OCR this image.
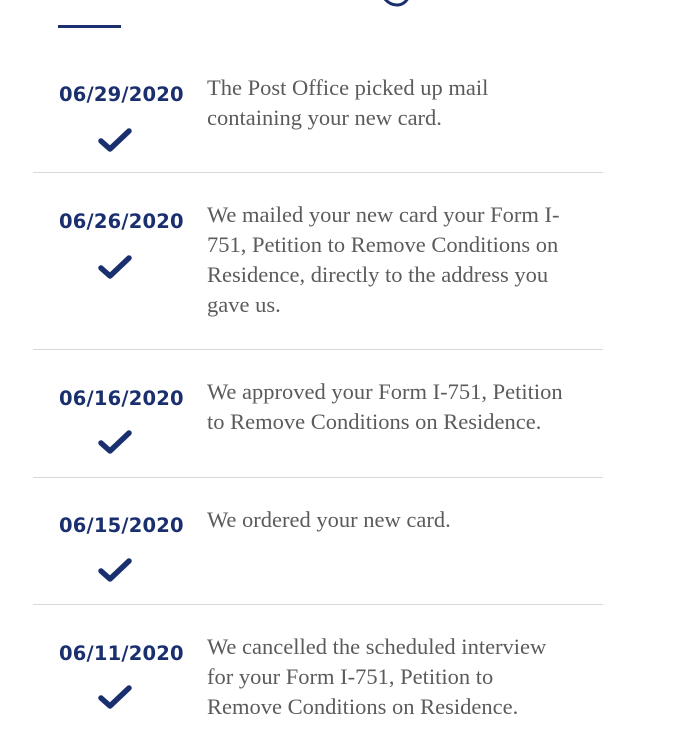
06/29/2020 The Post Office picked up mail
containing your new card.
06/26/2020 We mailed your new card your Form I-
751, Petition to Remove Conditions on
Residence, directly to the address you
gave us.
06/16/2020 We approved your Form I-751, Petition
to Remove Conditions on Residence.
06/15/2020 We ordered your new card.
06/11/2020 We cancelled the scheduled interview
for your Form I-751, Petition to
Remove Conditions on Residence.
